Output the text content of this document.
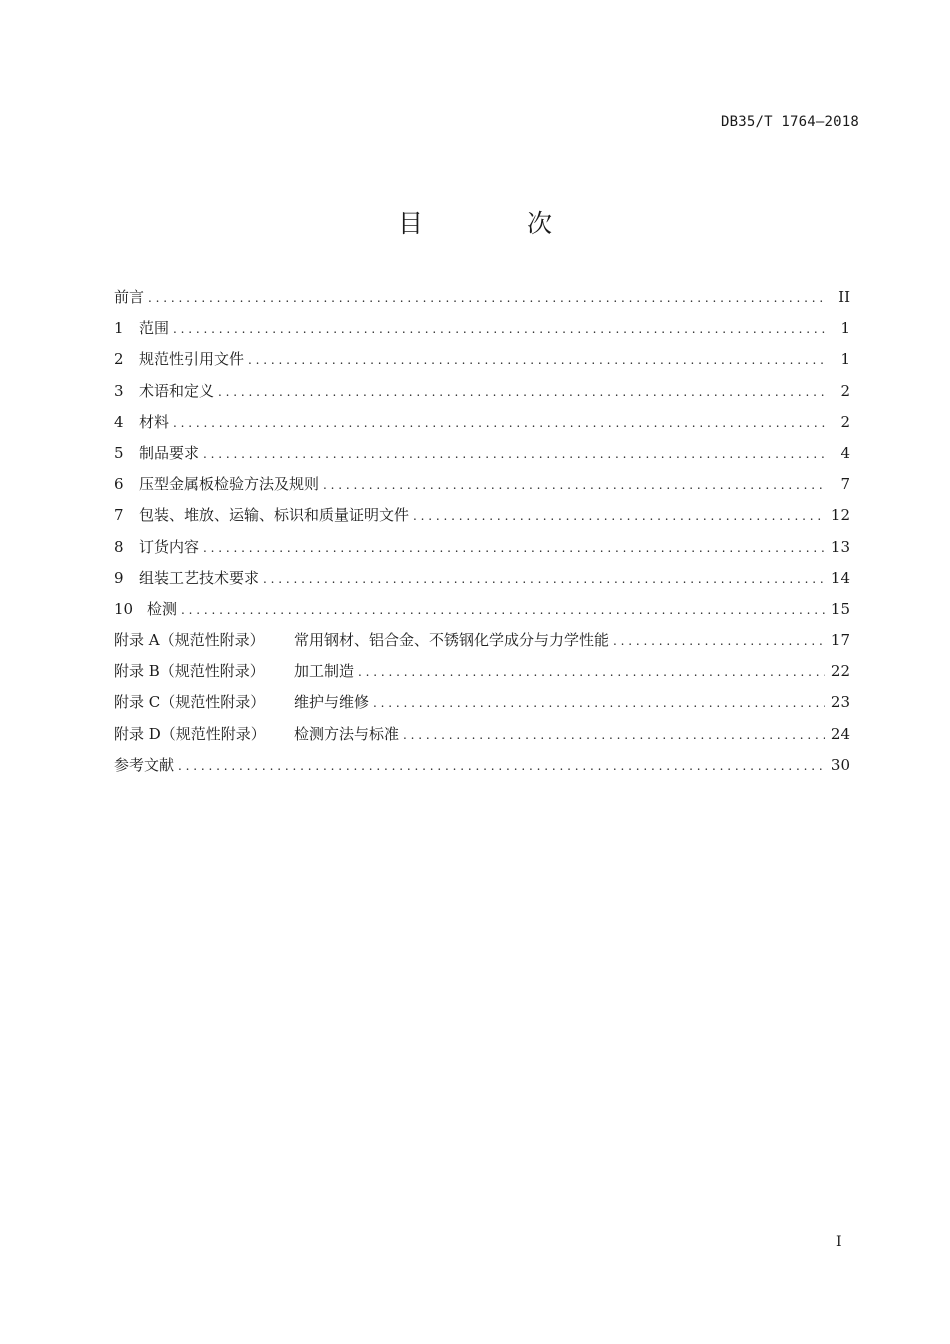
DB35/T 1764—2018
目 次
前言 . . .	II
1	范围 . . .	1
2	规范性引用文件 . . .	1
3	术语和定义 . . .	2
4	材料 . . .	2
5	制品要求 . . .	4
6	压型金属板检验方法及规则 . . .	7
7	包装、堆放、运输、标识和质量证明文件 . . .	12
8	订货内容 . . .	13
9	组装工艺技术要求 . . .	14
10 检测 . . .	15
附录 A（规范性附录）	常用钢材、铝合金、不锈钢化学成分与力学性能 . . .	17
附录 B（规范性附录）	加工制造 . . .	22
附录 C（规范性附录）	维护与维修 . . .	23
附录 D（规范性附录）	检测方法与标准 . . .	24
参考文献 . . .	30
I
